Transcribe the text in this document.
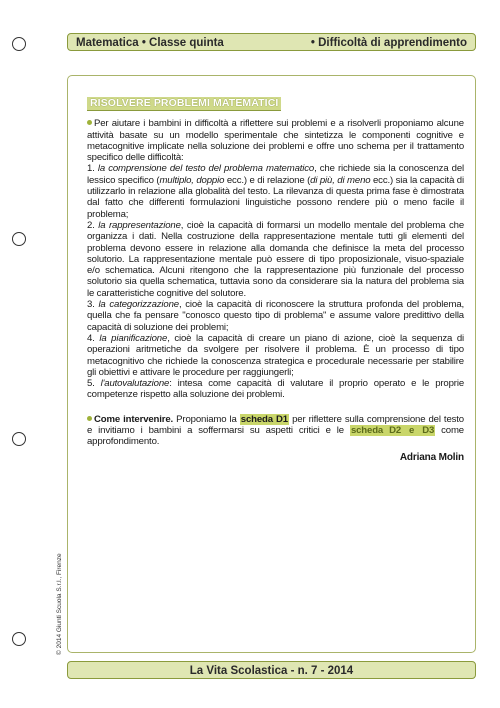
Matematica • Classe quinta	• Difficoltà di apprendimento
© 2014 Giunti Scuola S.r.l., Firenze
RISOLVERE PROBLEMI MATEMATICI

Per aiutare i bambini in difficoltà a riflettere sui problemi e a risolverli proponiamo alcune attività basate su un modello sperimentale che sintetizza le componenti cognitive e metacognitive implicate nella soluzione dei problemi e offre uno schema per il trattamento specifico delle difficoltà:

1. la comprensione del testo del problema matematico, che richiede sia la conoscenza del lessico specifico (multiplo, doppio ecc.) e di relazione (di più, di meno ecc.) sia la capacità di utilizzarlo in relazione alla globalità del testo. La rilevanza di questa prima fase è dimostrata dal fatto che differenti formulazioni linguistiche possono rendere più o meno facile il problema;

2. la rappresentazione, cioè la capacità di formarsi un modello mentale del problema che organizza i dati. Nella costruzione della rappresentazione mentale tutti gli elementi del problema devono essere in relazione alla domanda che definisce la meta del processo solutorio. La rappresentazione mentale può essere di tipo proposizionale, visuo-spaziale e/o schematica. Alcuni ritengono che la rappresentazione più funzionale del processo solutorio sia quella schematica, tuttavia sono da considerare sia la natura del problema sia le caratteristiche cognitive del solutore.

3. la categorizzazione, cioè la capacità di riconoscere la struttura profonda del problema, quella che fa pensare "conosco questo tipo di problema" e assume valore predittivo della capacità di soluzione dei problemi;

4. la pianificazione, cioè la capacità di creare un piano di azione, cioè la sequenza di operazioni aritmetiche da svolgere per risolvere il problema. È un processo di tipo metacognitivo che richiede la conoscenza strategica e procedurale necessarie per stabilire gli obiettivi e attivare le procedure per raggiungerli;

5. l'autovalutazione: intesa come capacità di valutare il proprio operato e le proprie competenze rispetto alla soluzione dei problemi.

Come intervenire. Proponiamo la scheda D1 per riflettere sulla comprensione del testo e invitiamo i bambini a soffermarsi su aspetti critici e le scheda D2 e D3 come approfondimento.

Adriana Molin
La Vita Scolastica - n. 7 - 2014
